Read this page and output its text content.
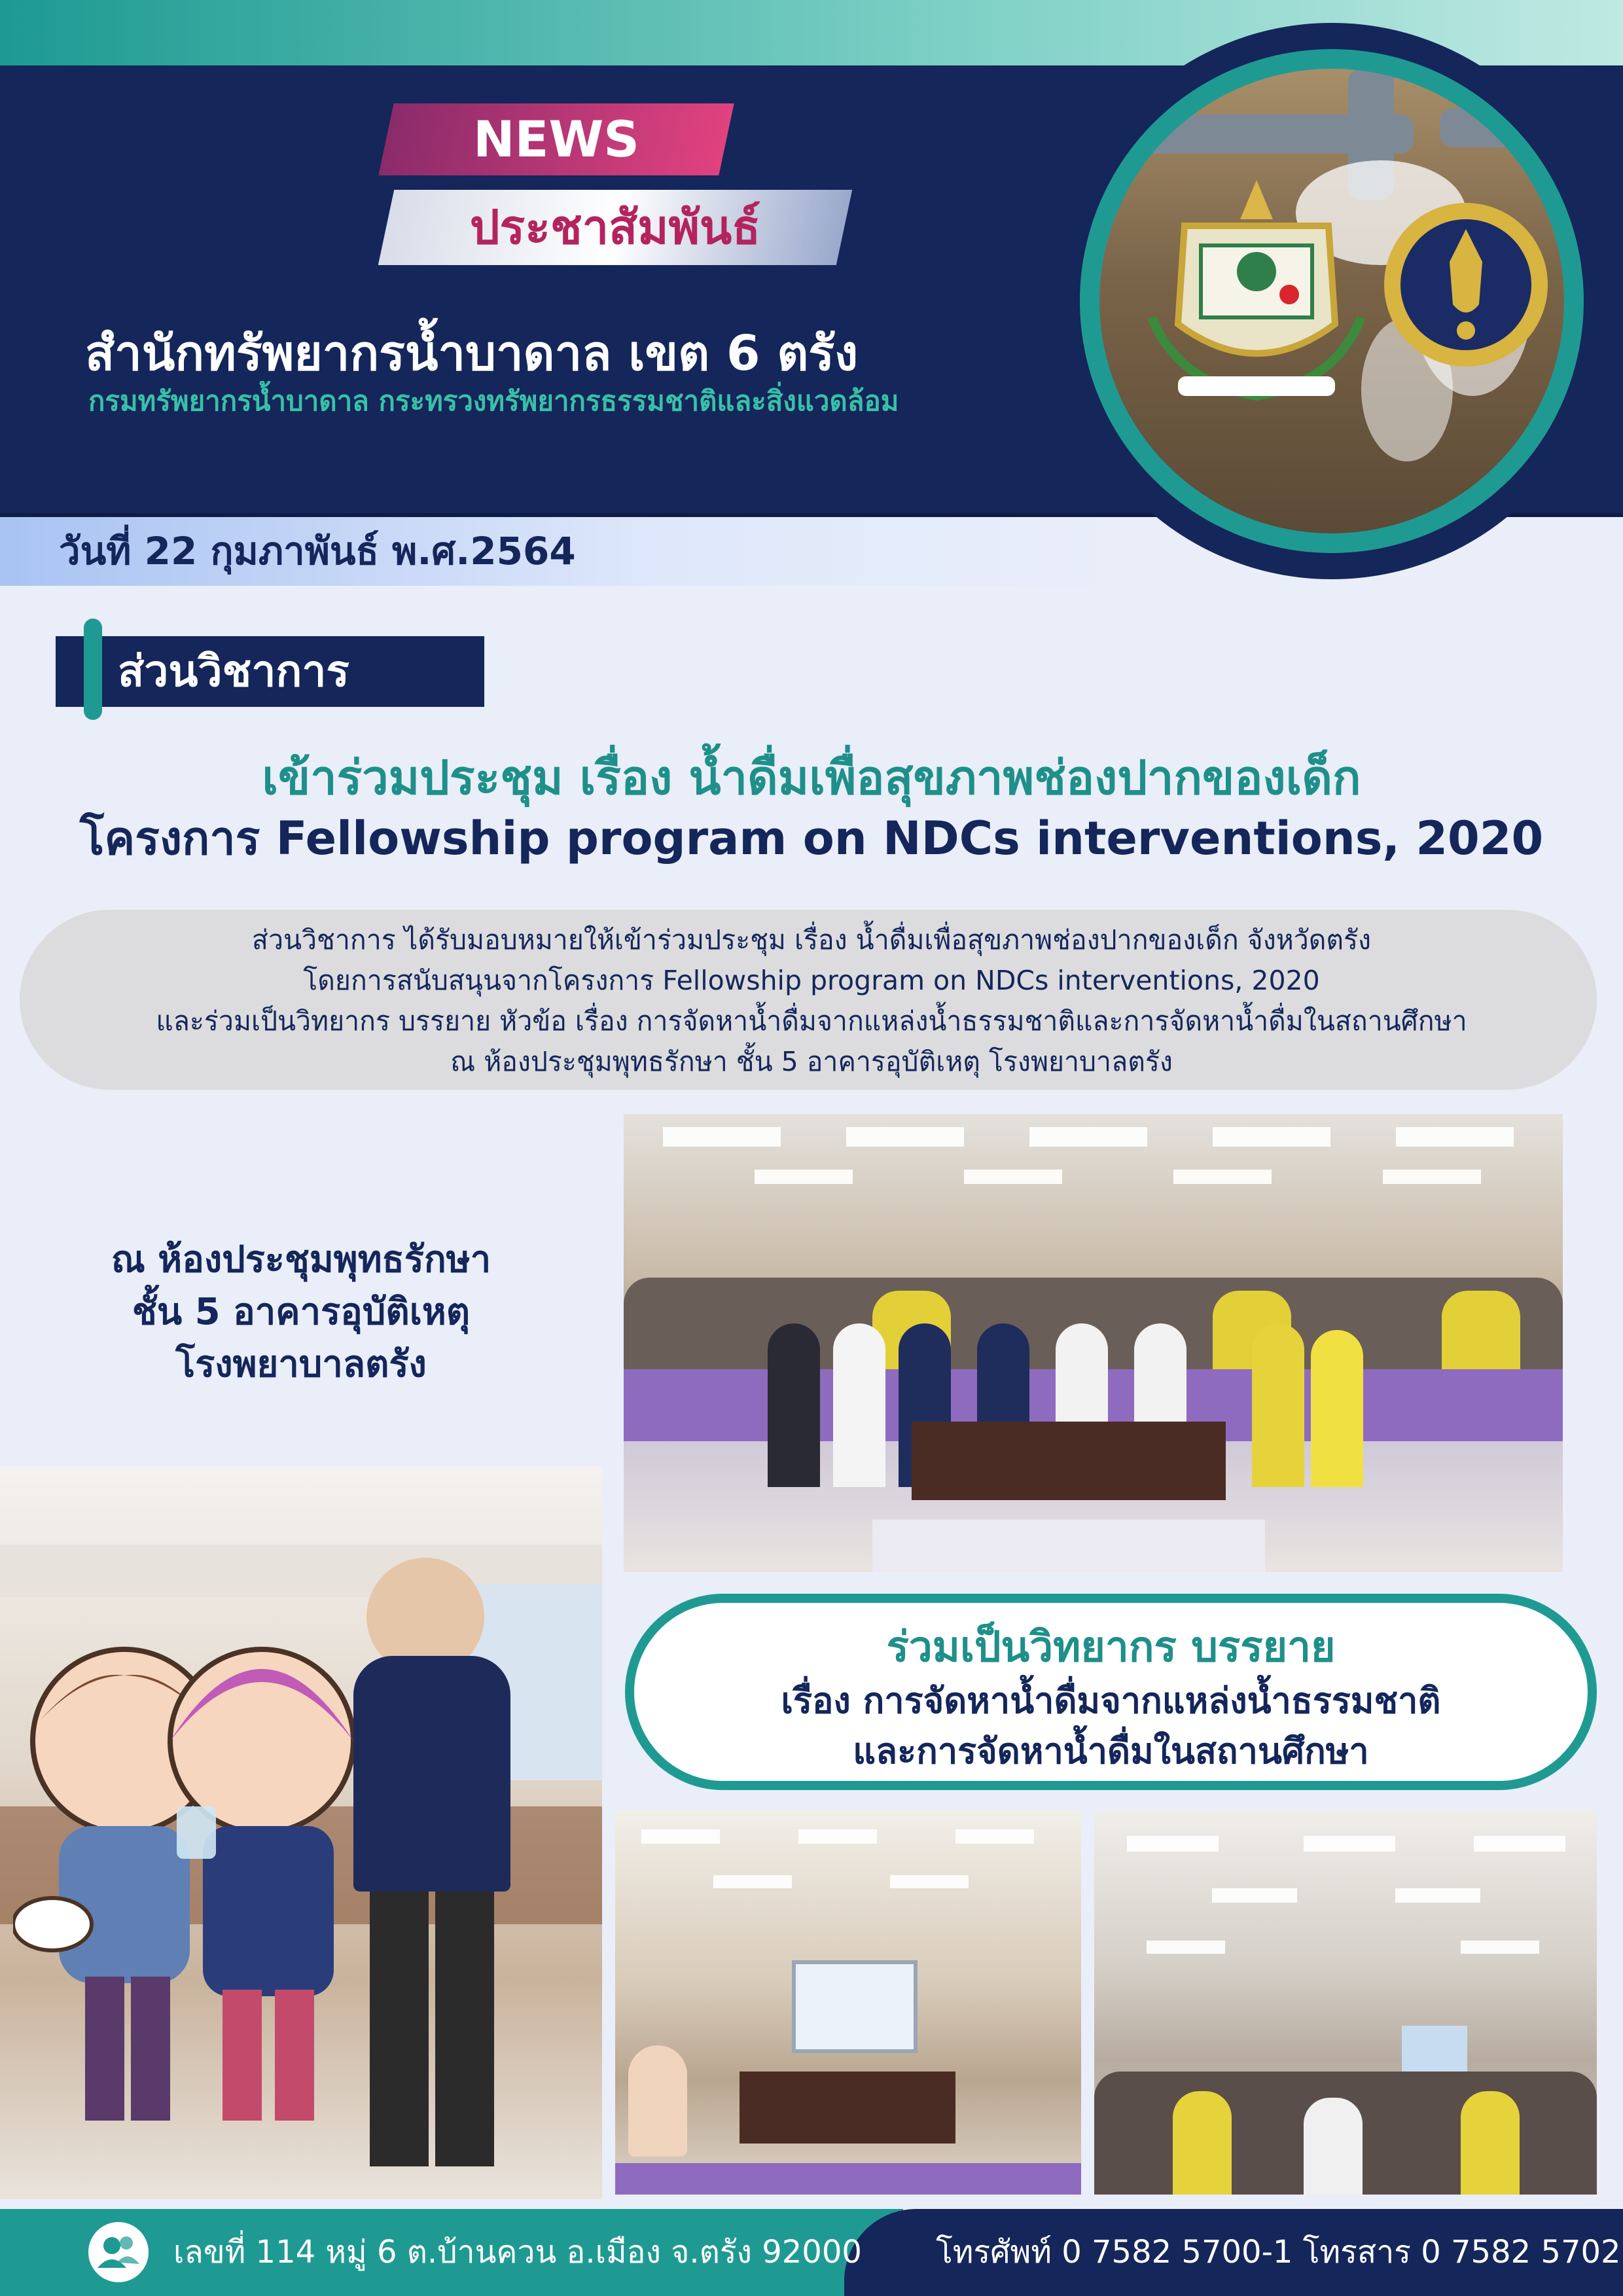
NEWS
ประชาสัมพันธ์
สำนักทรัพยากรน้ำบาดาล เขต 6 ตรัง
กรมทรัพยากรน้ำบาดาล กระทรวงทรัพยากรธรรมชาติและสิ่งแวดล้อม
วันที่ 22 กุมภาพันธ์ พ.ศ.2564
ส่วนวิชาการ
เข้าร่วมประชุม เรื่อง น้ำดื่มเพื่อสุขภาพช่องปากของเด็ก
โครงการ Fellowship program on NDCs interventions, 2020
ส่วนวิชาการ ได้รับมอบหมายให้เข้าร่วมประชุม เรื่อง น้ำดื่มเพื่อสุขภาพช่องปากของเด็ก จังหวัดตรัง
โดยการสนับสนุนจากโครงการ Fellowship program on NDCs interventions, 2020
และร่วมเป็นวิทยากร บรรยาย หัวข้อ เรื่อง การจัดหาน้ำดื่มจากแหล่งน้ำธรรมชาติและการจัดหาน้ำดื่มในสถานศึกษา
ณ ห้องประชุมพุทธรักษา ชั้น 5 อาคารอุบัติเหตุ โรงพยาบาลตรัง
ณ ห้องประชุมพุทธรักษา
ชั้น 5 อาคารอุบัติเหตุ
โรงพยาบาลตรัง
ร่วมเป็นวิทยากร บรรยาย
เรื่อง การจัดหาน้ำดื่มจากแหล่งน้ำธรรมชาติ
และการจัดหาน้ำดื่มในสถานศึกษา
เลขที่ 114 หมู่ 6 ต.บ้านควน อ.เมือง จ.ตรัง 92000 โทรศัพท์ 0 7582 5700-1 โทรสาร 0 7582 5702
